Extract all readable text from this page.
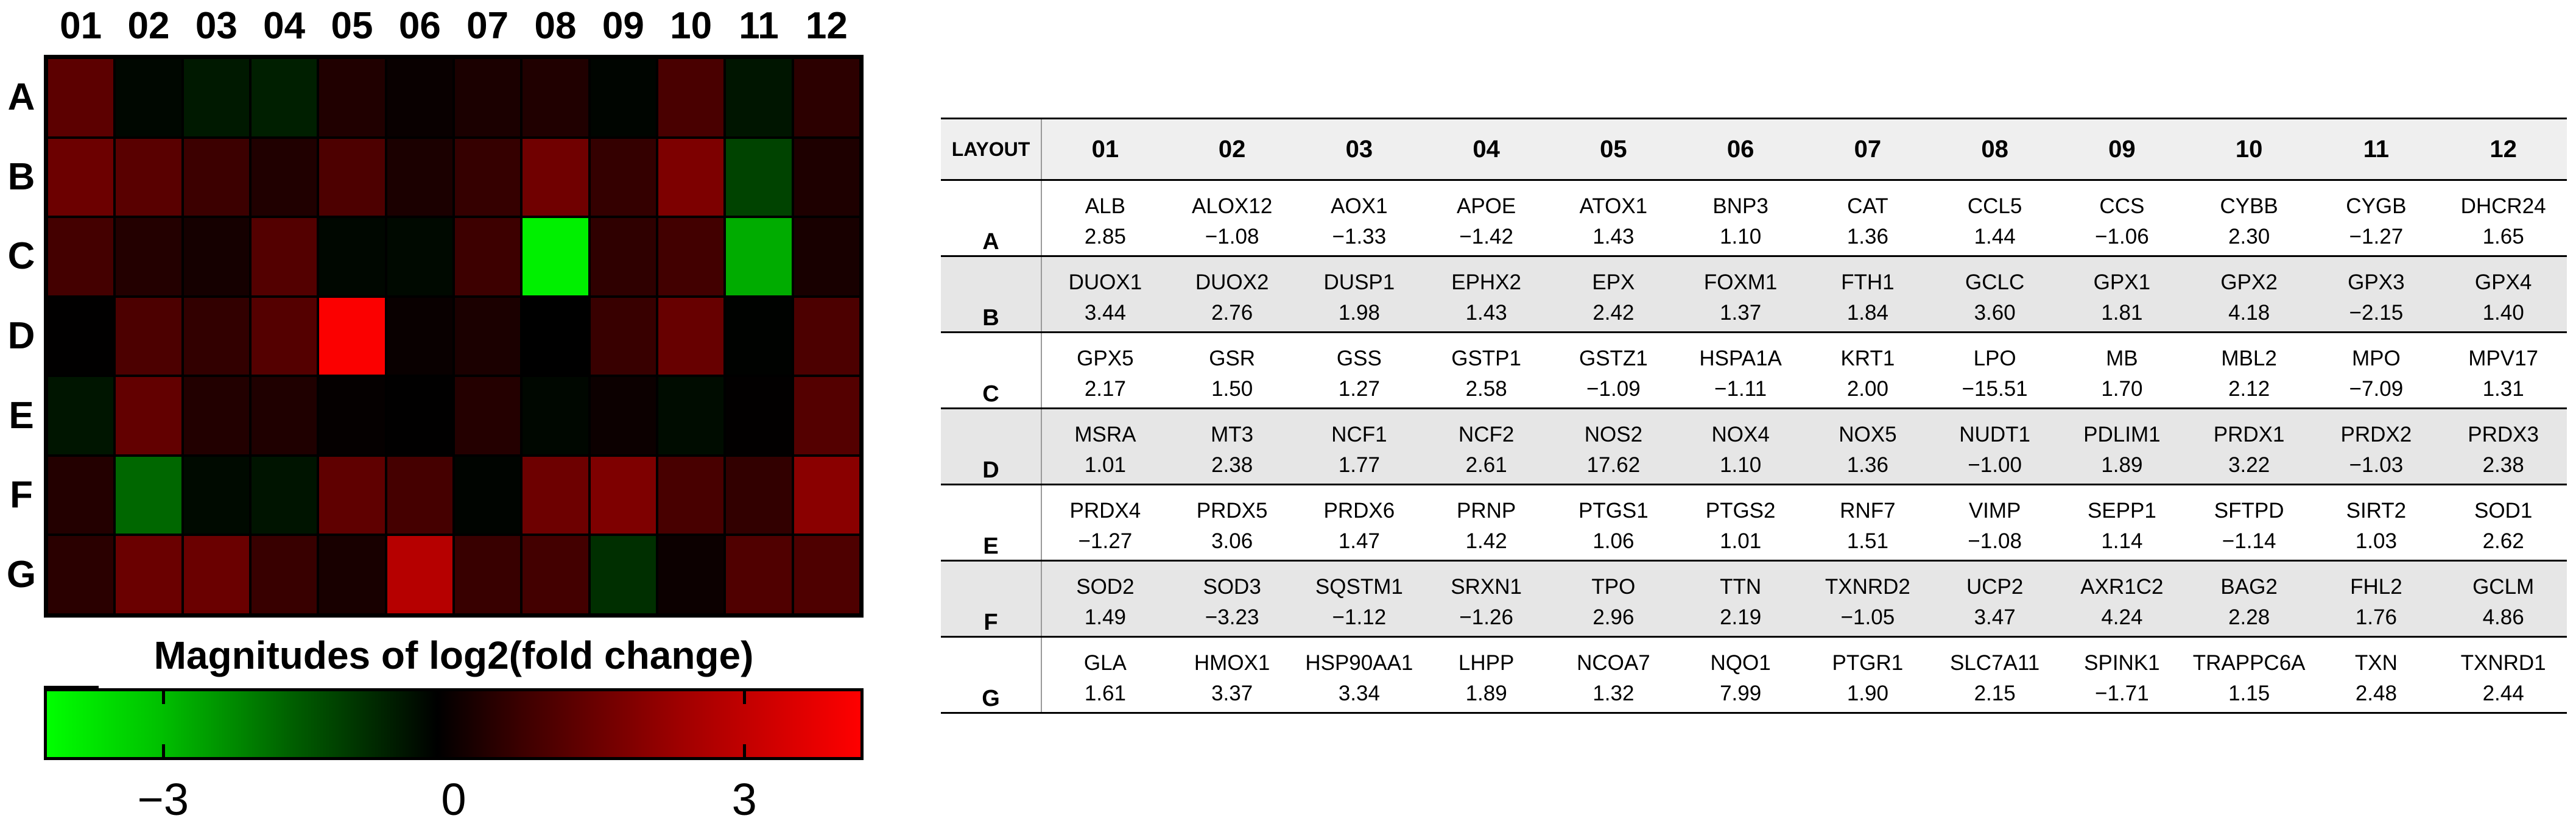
01 02 03 04 05 06 07 08 09 10 11 12
A
B
C
D
E
F
G
Magnitudes of log2(fold change)
−3	0	3
LAYOUT	01	02	03	04	05	06	07	08	09	10	11	12
A	ALB	ALOX12	AOX1	APOE	ATOX1	BNP3	CAT	CCL5	CCS	CYBB	CYGB	DHCR24
	2.85	−1.08	−1.33	−1.42	1.43	1.10	1.36	1.44	−1.06	2.30	−1.27	1.65
B	DUOX1	DUOX2	DUSP1	EPHX2	EPX	FOXM1	FTH1	GCLC	GPX1	GPX2	GPX3	GPX4
	3.44	2.76	1.98	1.43	2.42	1.37	1.84	3.60	1.81	4.18	−2.15	1.40
C	GPX5	GSR	GSS	GSTP1	GSTZ1	HSPA1A	KRT1	LPO	MB	MBL2	MPO	MPV17
	2.17	1.50	1.27	2.58	−1.09	−1.11	2.00	−15.51	1.70	2.12	−7.09	1.31
D	MSRA	MT3	NCF1	NCF2	NOS2	NOX4	NOX5	NUDT1	PDLIM1	PRDX1	PRDX2	PRDX3
	1.01	2.38	1.77	2.61	17.62	1.10	1.36	−1.00	1.89	3.22	−1.03	2.38
E	PRDX4	PRDX5	PRDX6	PRNP	PTGS1	PTGS2	RNF7	VIMP	SEPP1	SFTPD	SIRT2	SOD1
	−1.27	3.06	1.47	1.42	1.06	1.01	1.51	−1.08	1.14	−1.14	1.03	2.62
F	SOD2	SOD3	SQSTM1	SRXN1	TPO	TTN	TXNRD2	UCP2	AXR1C2	BAG2	FHL2	GCLM
	1.49	−3.23	−1.12	−1.26	2.96	2.19	−1.05	3.47	4.24	2.28	1.76	4.86
G	GLA	HMOX1	HSP90AA1	LHPP	NCOA7	NQO1	PTGR1	SLC7A11	SPINK1	TRAPPC6A	TXN	TXNRD1
	1.61	3.37	3.34	1.89	1.32	7.99	1.90	2.15	−1.71	1.15	2.48	2.44
